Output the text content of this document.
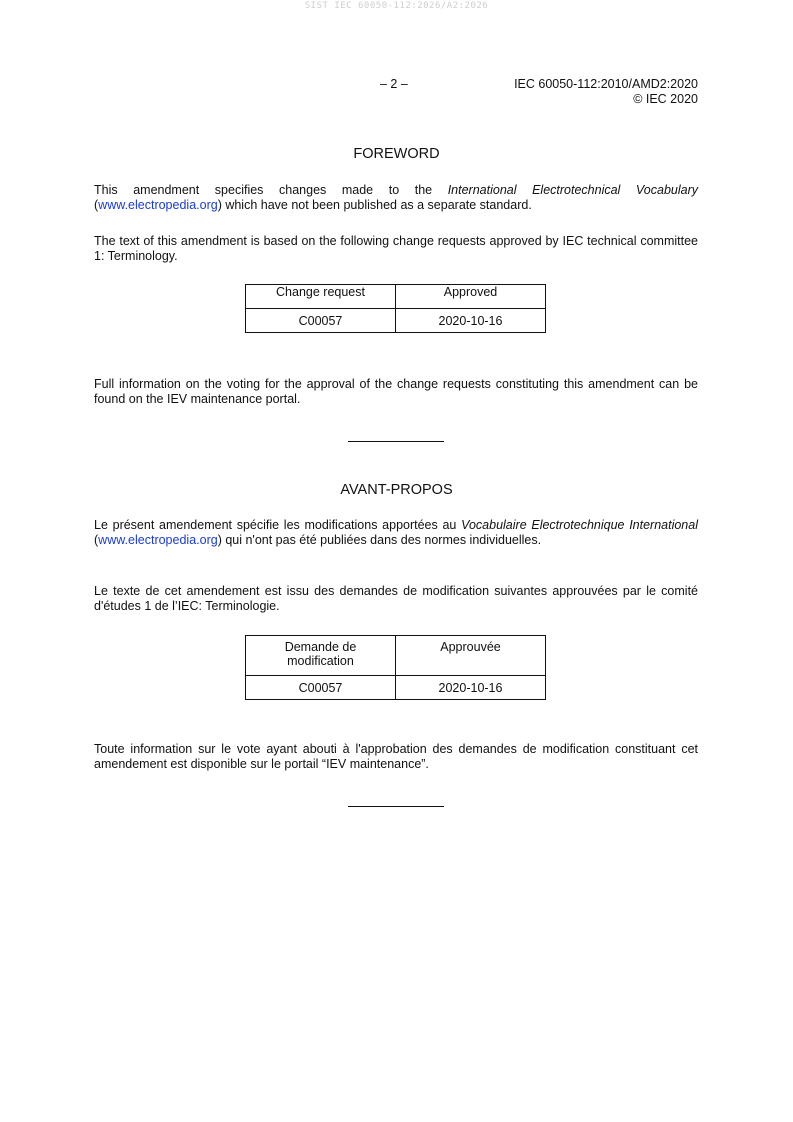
SIST IEC 60050-112:2026/A2:2026
– 2 –	IEC 60050-112:2010/AMD2:2020
© IEC 2020
FOREWORD

This amendment specifies changes made to the International Electrotechnical Vocabulary (www.electropedia.org) which have not been published as a separate standard.

The text of this amendment is based on the following change requests approved by IEC technical committee 1: Terminology.

Change request	Approved
C00057	2020-10-16

Full information on the voting for the approval of the change requests constituting this amendment can be found on the IEV maintenance portal.

AVANT-PROPOS

Le présent amendement spécifie les modifications apportées au Vocabulaire Electrotechnique International (www.electropedia.org) qui n'ont pas été publiées dans des normes individuelles.

Le texte de cet amendement est issu des demandes de modification suivantes approuvées par le comité d'études 1 de l’IEC: Terminologie.

Demande de modification	Approuvée
C00057	2020-10-16

Toute information sur le vote ayant abouti à l'approbation des demandes de modification constituant cet amendement est disponible sur le portail “IEV maintenance”.
